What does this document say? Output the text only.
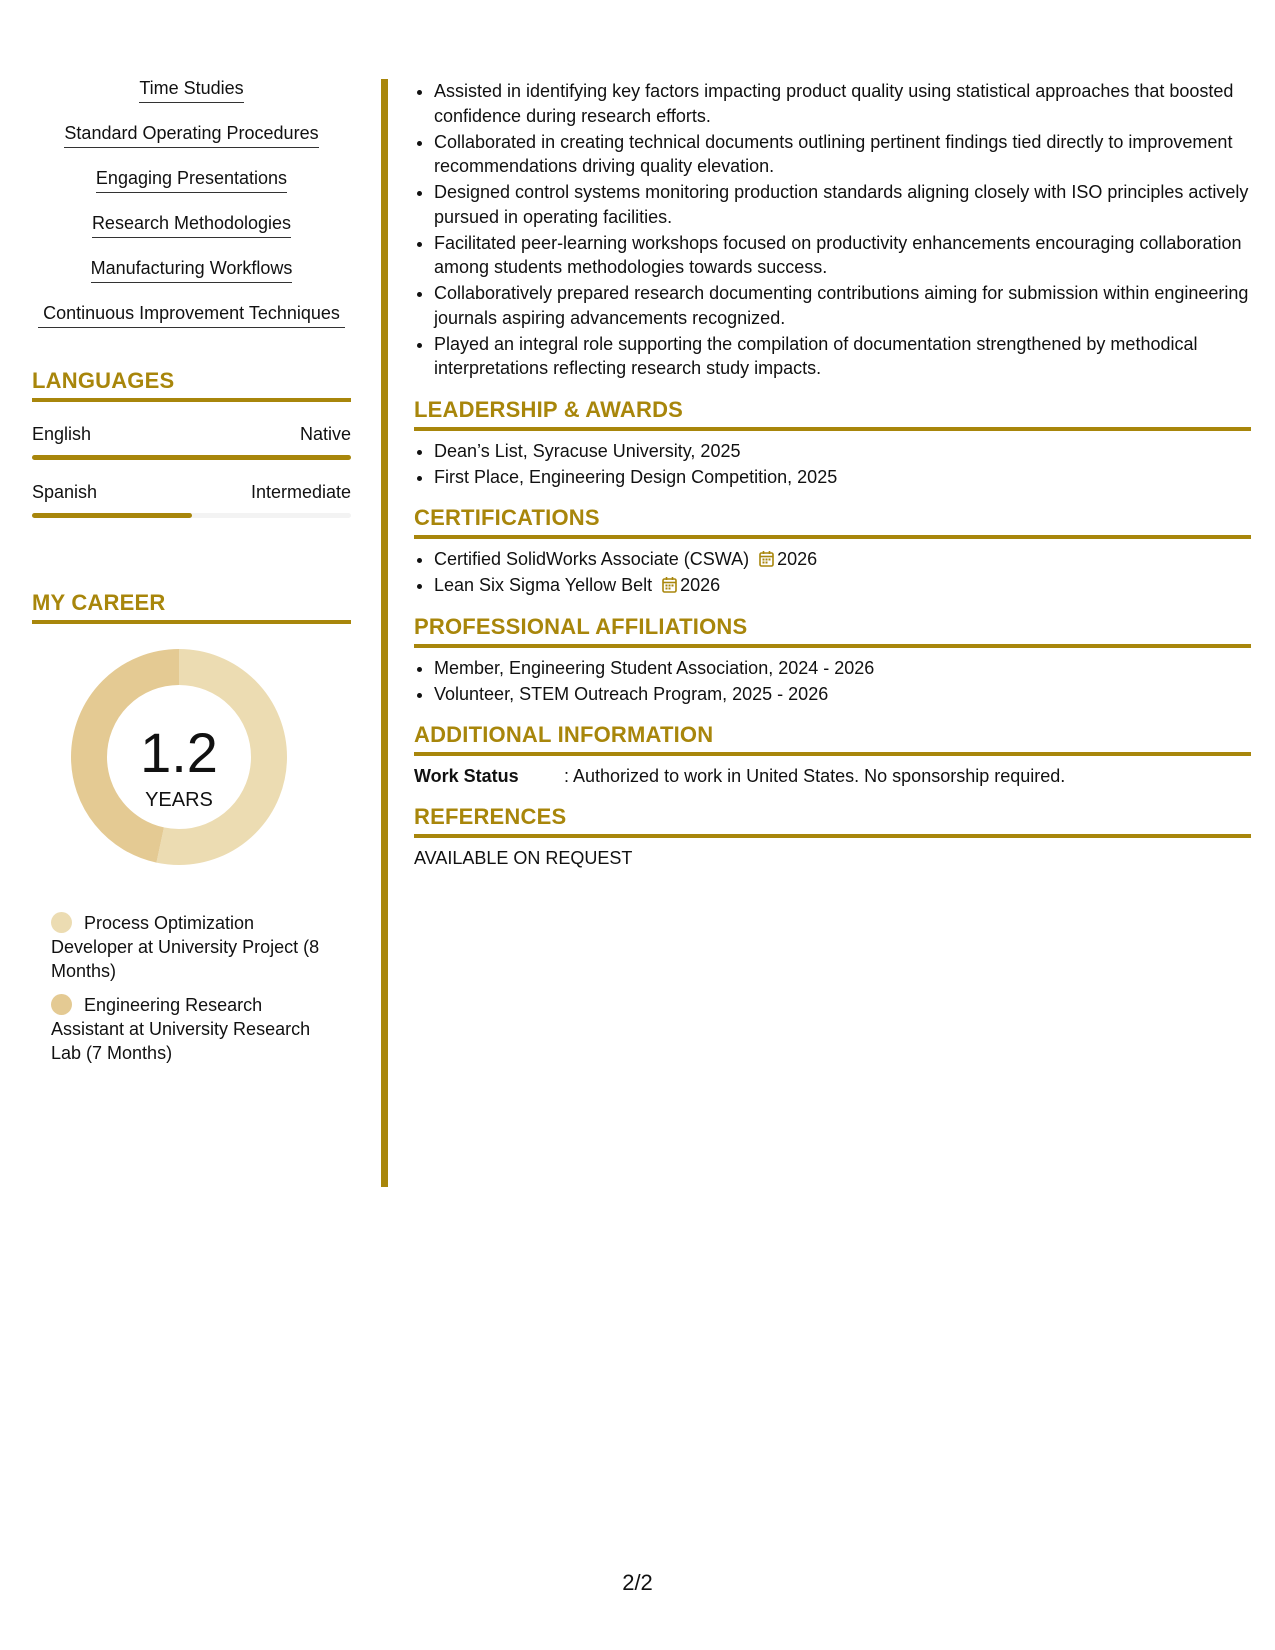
Time Studies
Standard Operating Procedures
Engaging Presentations
Research Methodologies
Manufacturing Workflows
Continuous Improvement Techniques
LANGUAGES
English	Native
Spanish	Intermediate
MY CAREER
1.2
YEARS
Process Optimization Developer at University Project (8 Months)
Engineering Research Assistant at University Research Lab (7 Months)
• Assisted in identifying key factors impacting product quality using statistical approaches that boosted confidence during research efforts.
• Collaborated in creating technical documents outlining pertinent findings tied directly to improvement recommendations driving quality elevation.
• Designed control systems monitoring production standards aligning closely with ISO principles actively pursued in operating facilities.
• Facilitated peer-learning workshops focused on productivity enhancements encouraging collaboration among students methodologies towards success.
• Collaboratively prepared research documenting contributions aiming for submission within engineering journals aspiring advancements recognized.
• Played an integral role supporting the compilation of documentation strengthened by methodical interpretations reflecting research study impacts.
LEADERSHIP & AWARDS
• Dean’s List, Syracuse University, 2025
• First Place, Engineering Design Competition, 2025
CERTIFICATIONS
• Certified SolidWorks Associate (CSWA) 2026
• Lean Six Sigma Yellow Belt 2026
PROFESSIONAL AFFILIATIONS
• Member, Engineering Student Association, 2024 - 2026
• Volunteer, STEM Outreach Program, 2025 - 2026
ADDITIONAL INFORMATION
Work Status	: Authorized to work in United States. No sponsorship required.
REFERENCES
AVAILABLE ON REQUEST
2/2
